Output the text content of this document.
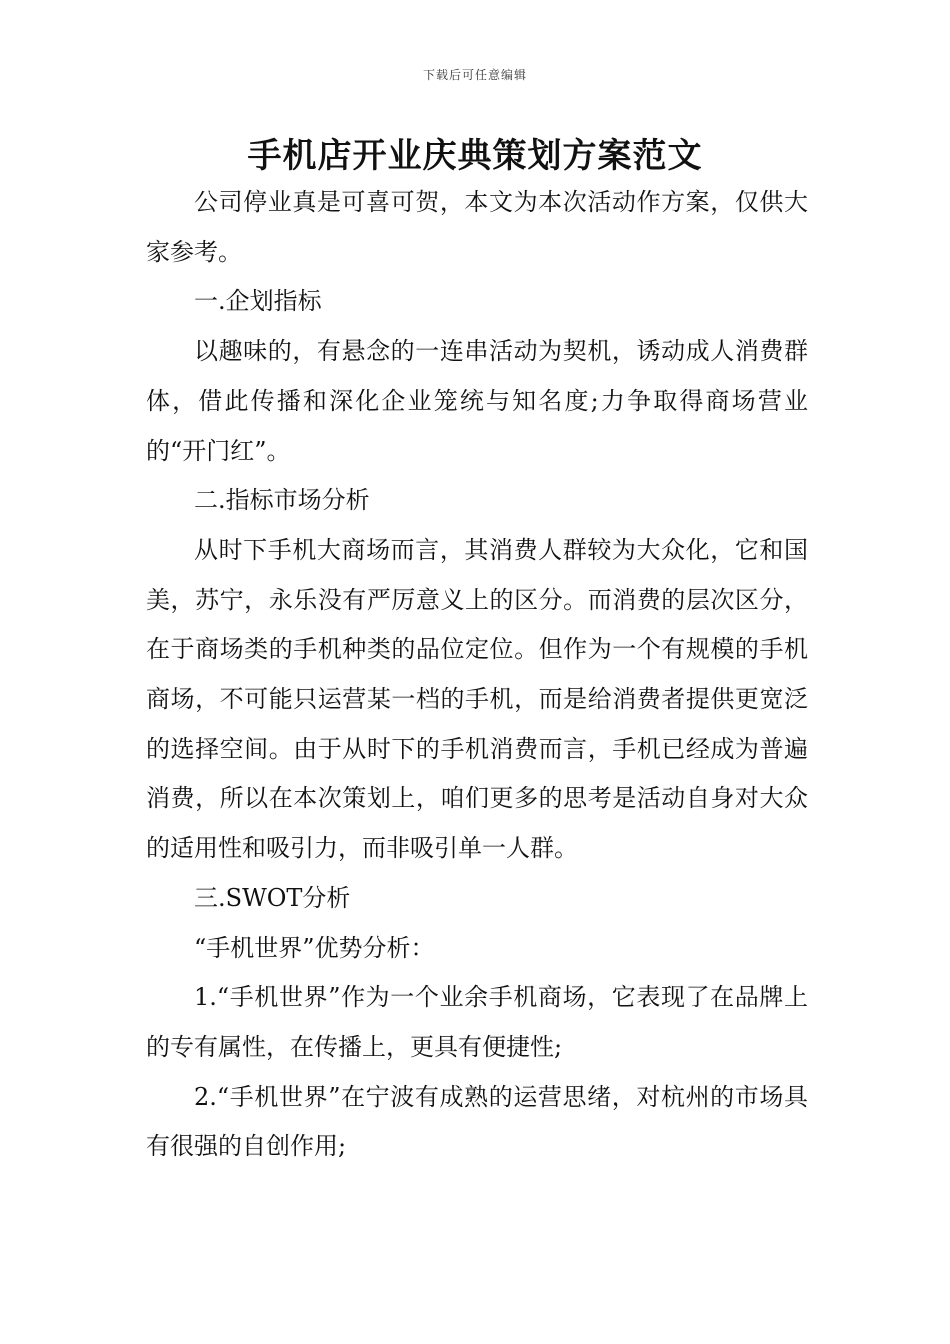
下载后可任意编辑
手机店开业庆典策划方案范文

公司停业真是可喜可贺，本文为本次活动作方案，仅供大家参考。

一.企划指标

以趣味的，有悬念的一连串活动为契机，诱动成人消费群体，借此传播和深化企业笼统与知名度;力争取得商场营业的“开门红”。

二.指标市场分析

从时下手机大商场而言，其消费人群较为大众化，它和国美，苏宁，永乐没有严厉意义上的区分。而消费的层次区分，在于商场类的手机种类的品位定位。但作为一个有规模的手机商场，不可能只运营某一档的手机，而是给消费者提供更宽泛的选择空间。由于从时下的手机消费而言，手机已经成为普遍消费，所以在本次策划上，咱们更多的思考是活动自身对大众的适用性和吸引力，而非吸引单一人群。

三.SWOT分析

“手机世界”优势分析：

1.“手机世界”作为一个业余手机商场，它表现了在品牌上的专有属性，在传播上，更具有便捷性;

2.“手机世界”在宁波有成熟的运营思绪，对杭州的市场具有很强的自创作用;
